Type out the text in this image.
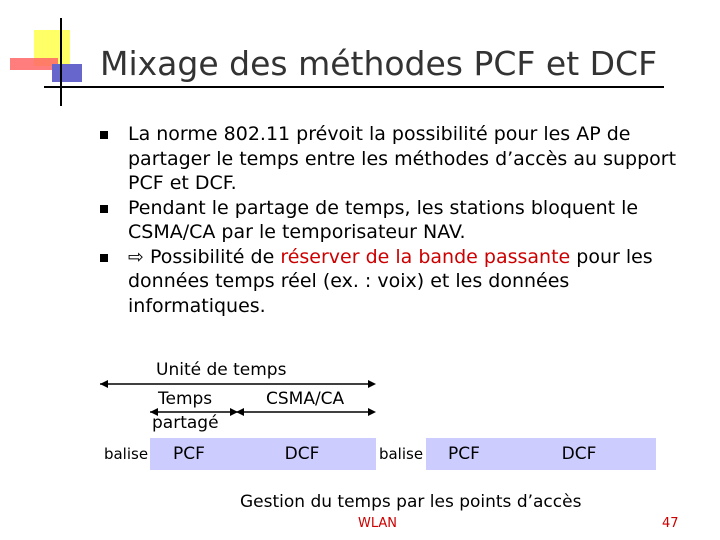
Mixage des méthodes PCF et DCF
La norme 802.11 prévoit la possibilité pour les AP de partager le temps entre les méthodes d’accès au support PCF et DCF.
Pendant le partage de temps, les stations bloquent le CSMA/CA par le temporisateur NAV.
⇨ Possibilité de réserver de la bande passante pour les données temps réel (ex. : voix) et les données informatiques.
Unité de temps
Temps
partagé
CSMA/CA
balise	PCF	DCF	balise	PCF	DCF
Gestion du temps par les points d’accès
WLAN	47
